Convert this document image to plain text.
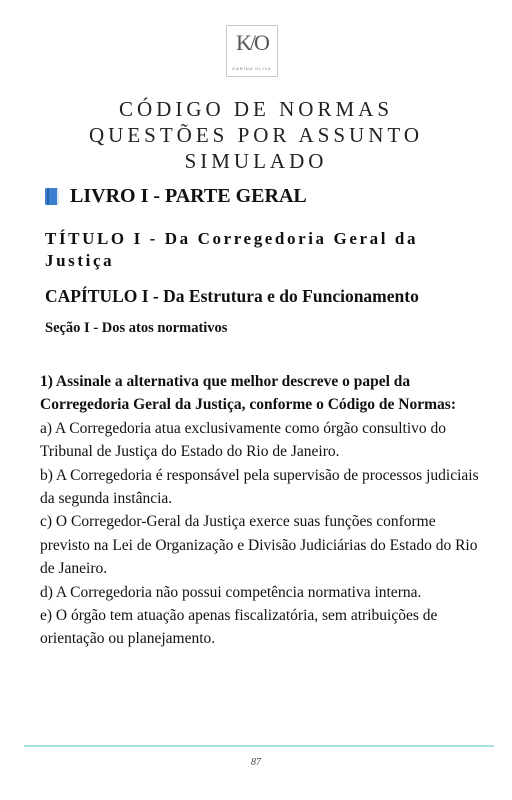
K/O
KARINA OLIVA
CÓDIGO DE NORMAS
QUESTÕES POR ASSUNTO
SIMULADO
LIVRO I - PARTE GERAL
TÍTULO I - Da Corregedoria Geral da Justiça
CAPÍTULO I - Da Estrutura e do Funcionamento
Seção I - Dos atos normativos
1) Assinale a alternativa que melhor descreve o papel da Corregedoria Geral da Justiça, conforme o Código de Normas:
a) A Corregedoria atua exclusivamente como órgão consultivo do Tribunal de Justiça do Estado do Rio de Janeiro.
b) A Corregedoria é responsável pela supervisão de processos judiciais da segunda instância.
c) O Corregedor-Geral da Justiça exerce suas funções conforme previsto na Lei de Organização e Divisão Judiciárias do Estado do Rio de Janeiro.
d) A Corregedoria não possui competência normativa interna.
e) O órgão tem atuação apenas fiscalizatória, sem atribuições de orientação ou planejamento.
87
